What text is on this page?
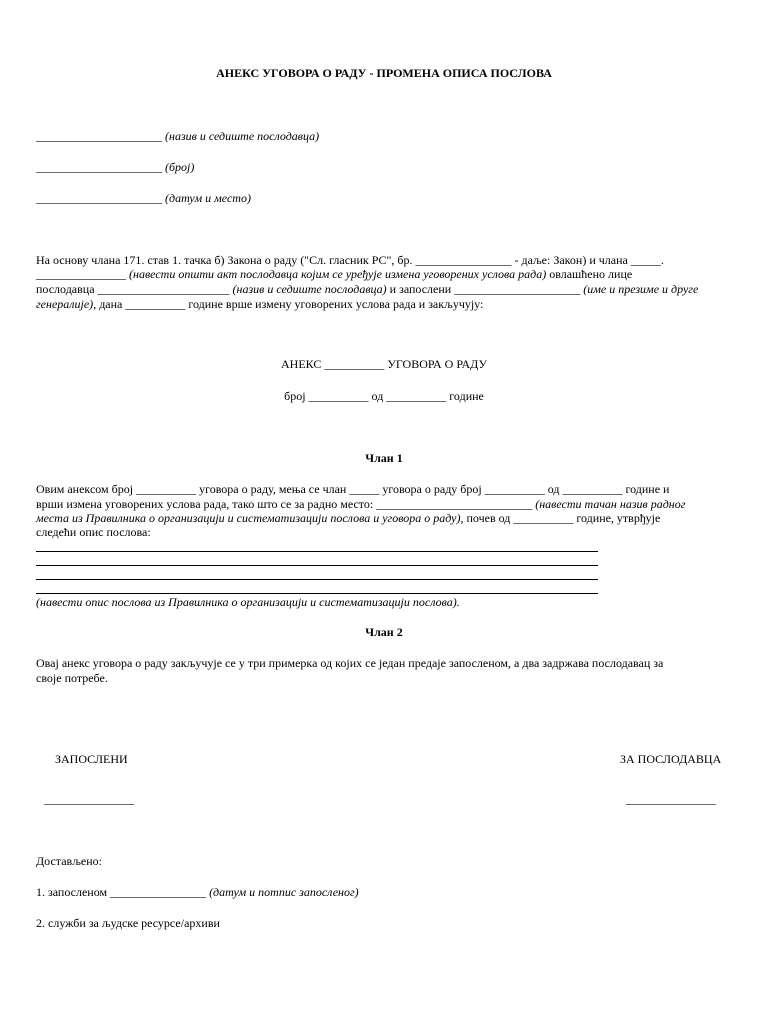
АНЕКС УГОВОРА О РАДУ - ПРОМЕНА ОПИСА ПОСЛОВА
_____________________ (назив и седиште послодавца)
_____________________ (број)
_____________________ (датум и место)
На основу члана 171. став 1. тачка б) Закона о раду ("Сл. гласник РС", бр. ________________ - даље: Закон) и члана _____.
_______________ (навести општи акт послодавца којим се уређује измена уговорених услова рада) овлашћено лице
послодавца ______________________ (назив и седиште послодавца) и запослени _____________________ (име и презиме и друге
генералије), дана __________ године врше измену уговорених услова рада и закључују:
АНЕКС __________ УГОВОРА О РАДУ
број __________ од __________ године
Члан 1
Овим анексом број __________ уговора о раду, мења се члан _____ уговора о раду број __________ од __________ године и
врши измена уговорених услова рада, тако што се за радно место: __________________________ (навести тачан назив радног
места из Правилника о организацији и систематизацији послова и уговора о раду), почев од __________ године, утврђује
следећи опис послова:
(навести опис послова из Правилника о организацији и систематизацији послова).
Члан 2
Овај анекс уговора о раду закључује се у три примерка од којих се један предаје запосленом, а два задржава послодавац за
своје потребе.
ЗАПОСЛЕНИ	ЗА ПОСЛОДАВЦА
_______________	_______________
Достављено:
1. запосленом ________________ (датум и потпис запосленог)
2. служби за људске ресурсе/архиви
